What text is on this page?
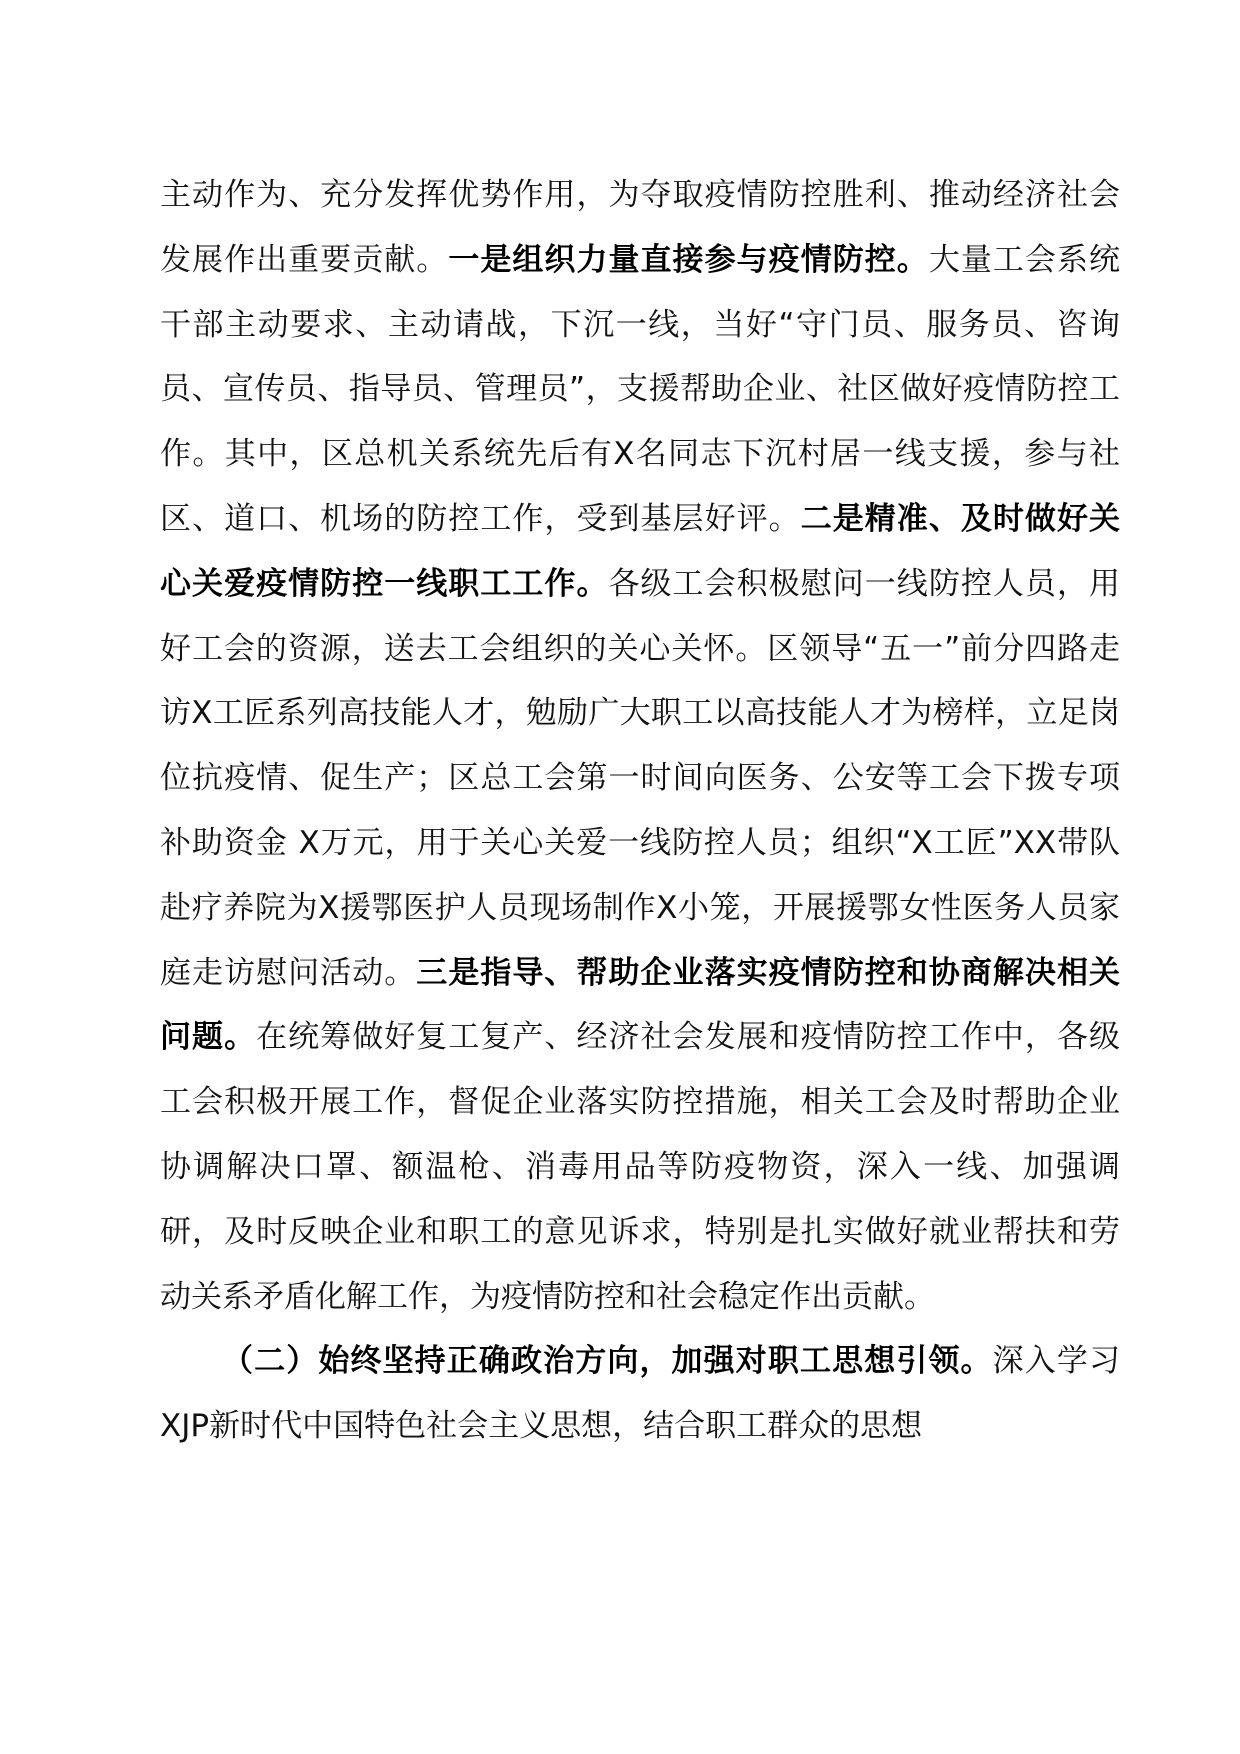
主动作为、充分发挥优势作用，为夺取疫情防控胜利、推动经济社会发展作出重要贡献。一是组织力量直接参与疫情防控。大量工会系统干部主动要求、主动请战，下沉一线，当好“守门员、服务员、咨询员、宣传员、指导员、管理员”，支援帮助企业、社区做好疫情防控工作。其中，区总机关系统先后有X名同志下沉村居一线支援，参与社区、道口、机场的防控工作，受到基层好评。二是精准、及时做好关心关爱疫情防控一线职工工作。各级工会积极慰问一线防控人员，用好工会的资源，送去工会组织的关心关怀。区领导“五一”前分四路走访X工匠系列高技能人才，勉励广大职工以高技能人才为榜样，立足岗位抗疫情、促生产；区总工会第一时间向医务、公安等工会下拨专项补助资金 X万元，用于关心关爱一线防控人员；组织“X工匠”XX带队赴疗养院为X援鄂医护人员现场制作X小笼，开展援鄂女性医务人员家庭走访慰问活动。三是指导、帮助企业落实疫情防控和协商解决相关问题。在统筹做好复工复产、经济社会发展和疫情防控工作中，各级工会积极开展工作，督促企业落实防控措施，相关工会及时帮助企业协调解决口罩、额温枪、消毒用品等防疫物资，深入一线、加强调研，及时反映企业和职工的意见诉求，特别是扎实做好就业帮扶和劳动关系矛盾化解工作，为疫情防控和社会稳定作出贡献。

（二）始终坚持正确政治方向，加强对职工思想引领。深入学习XJP新时代中国特色社会主义思想，结合职工群众的思想
